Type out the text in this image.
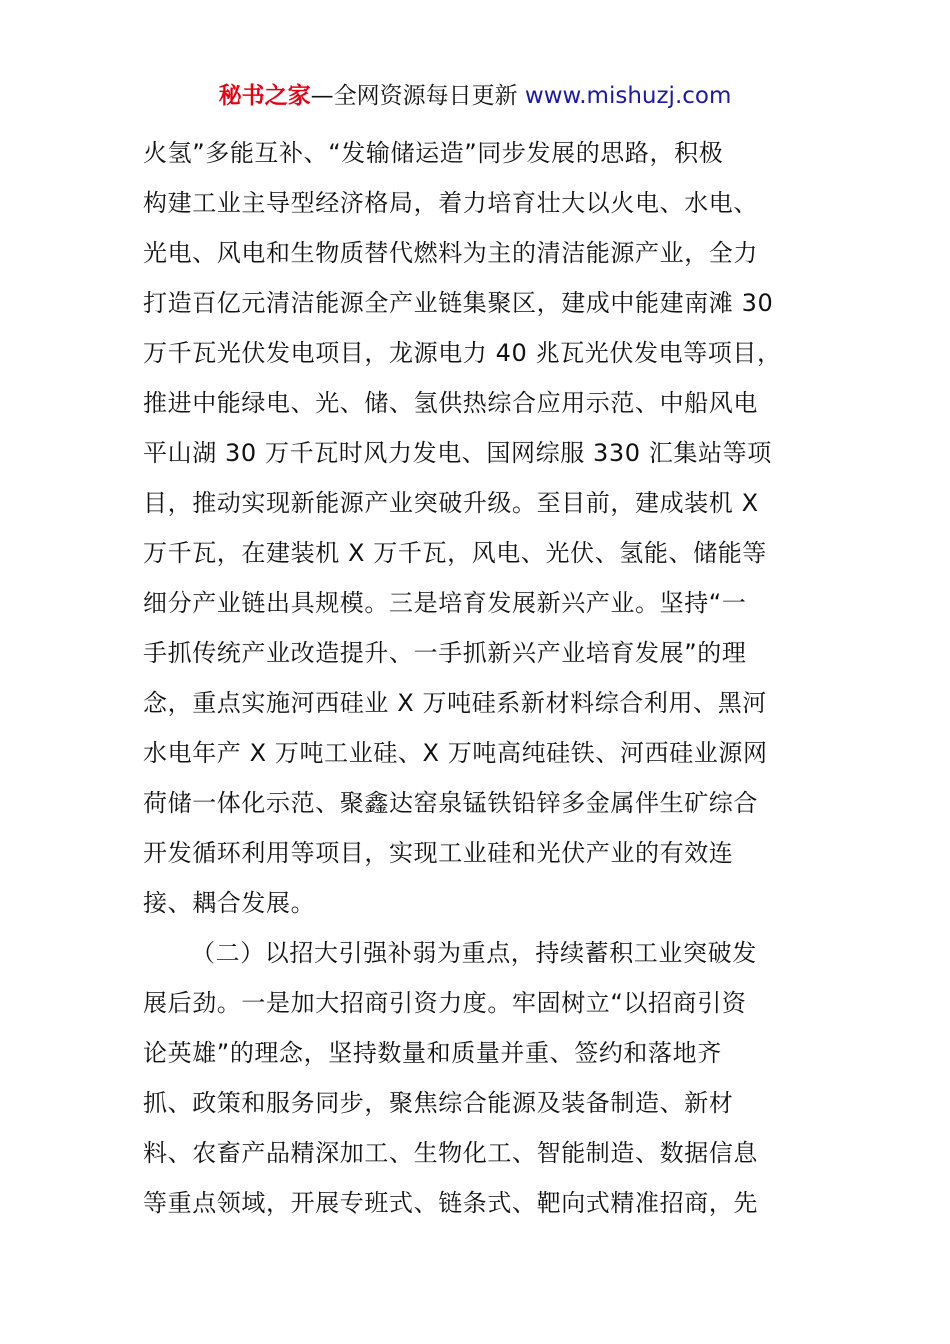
秘书之家—全网资源每日更新 www.mishuzj.com
火氢”多能互补、“发输储运造”同步发展的思路，积极
构建工业主导型经济格局，着力培育壮大以火电、水电、
光电、风电和生物质替代燃料为主的清洁能源产业，全力
打造百亿元清洁能源全产业链集聚区，建成中能建南滩 30
万千瓦光伏发电项目，龙源电力 40 兆瓦光伏发电等项目，
推进中能绿电、光、储、氢供热综合应用示范、中船风电
平山湖 30 万千瓦时风力发电、国网综服 330 汇集站等项
目，推动实现新能源产业突破升级。至目前，建成装机 X
万千瓦，在建装机 X 万千瓦，风电、光伏、氢能、储能等
细分产业链出具规模。三是培育发展新兴产业。坚持“一
手抓传统产业改造提升、一手抓新兴产业培育发展”的理
念，重点实施河西硅业 X 万吨硅系新材料综合利用、黑河
水电年产 X 万吨工业硅、X 万吨高纯硅铁、河西硅业源网
荷储一体化示范、聚鑫达窑泉锰铁铅锌多金属伴生矿综合
开发循环利用等项目，实现工业硅和光伏产业的有效连
接、耦合发展。
（二）以招大引强补弱为重点，持续蓄积工业突破发
展后劲。一是加大招商引资力度。牢固树立“以招商引资
论英雄”的理念，坚持数量和质量并重、签约和落地齐
抓、政策和服务同步，聚焦综合能源及装备制造、新材
料、农畜产品精深加工、生物化工、智能制造、数据信息
等重点领域，开展专班式、链条式、靶向式精准招商，先
